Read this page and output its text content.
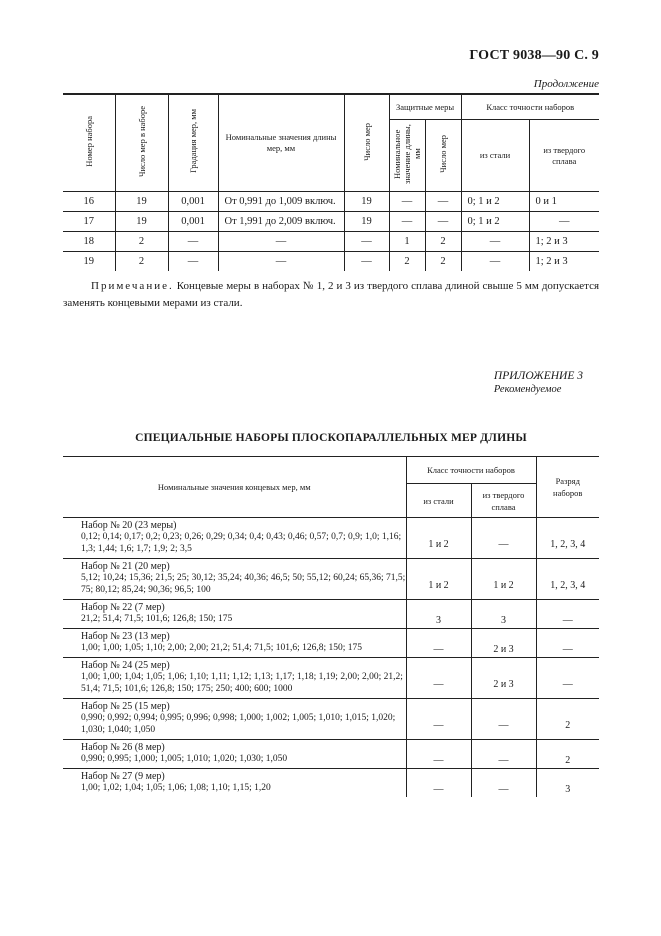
ГОСТ 9038—90 С. 9
Продолжение
Номер набора	Число мер в наборе	Градация мер, мм	Номинальные значения длины мер, мм	Число мер	Защитные меры		Класс точности наборов	
					Номинальное значение длины, мм	Число мер	из стали	из твердого сплава
16	19	0,001	От 0,991 до 1,009 включ.	19	—	—	0; 1 и 2	0 и 1
17	19	0,001	От 1,991 до 2,009 включ.	19	—	—	0; 1 и 2	—
18	2	—	—	—	1	2	—	1; 2 и 3
19	2	—	—	—	2	2	—	1; 2 и 3
Примечание. Концевые меры в наборах № 1, 2 и 3 из твердого сплава длиной свыше 5 мм допускается заменять концевыми мерами из стали.
ПРИЛОЖЕНИЕ 3
Рекомендуемое
СПЕЦИАЛЬНЫЕ НАБОРЫ ПЛОСКОПАРАЛЛЕЛЬНЫХ МЕР ДЛИНЫ
Номинальные значения концевых мер, мм	Класс точности наборов		Разряд наборов
	из стали	из твердого сплава	
Набор № 20 (23 меры)	1 и 2	—	1, 2, 3, 4
0,12; 0,14; 0,17; 0,2; 0,23; 0,26; 0,29; 0,34; 0,4; 0,43; 0,46; 0,57; 0,7; 0,9; 1,0; 1,16; 1,3; 1,44; 1,6; 1,7; 1,9; 2; 3,5			
Набор № 21 (20 мер)	1 и 2	1 и 2	1, 2, 3, 4
5,12; 10,24; 15,36; 21,5; 25; 30,12; 35,24; 40,36; 46,5; 50; 55,12; 60,24; 65,36; 71,5; 75; 80,12; 85,24; 90,36; 96,5; 100			
Набор № 22 (7 мер)	3	3	—
21,2; 51,4; 71,5; 101,6; 126,8; 150; 175			
Набор № 23 (13 мер)	—	2 и 3	—
1,00; 1,00; 1,05; 1,10; 2,00; 2,00; 21,2; 51,4; 71,5; 101,6; 126,8; 150; 175			
Набор № 24 (25 мер)	—	2 и 3	—
1,00; 1,00; 1,04; 1,05; 1,06; 1,10; 1,11; 1,12; 1,13; 1,17; 1,18; 1,19; 2,00; 2,00; 21,2; 51,4; 71,5; 101,6; 126,8; 150; 175; 250; 400; 600; 1000			
Набор № 25 (15 мер)	—	—	2
0,990; 0,992; 0,994; 0,995; 0,996; 0,998; 1,000; 1,002; 1,005; 1,010; 1,015; 1,020; 1,030; 1,040; 1,050			
Набор № 26 (8 мер)	—	—	2
0,990; 0,995; 1,000; 1,005; 1,010; 1,020; 1,030; 1,050			
Набор № 27 (9 мер)	—	—	3
1,00; 1,02; 1,04; 1,05; 1,06; 1,08; 1,10; 1,15; 1,20			
